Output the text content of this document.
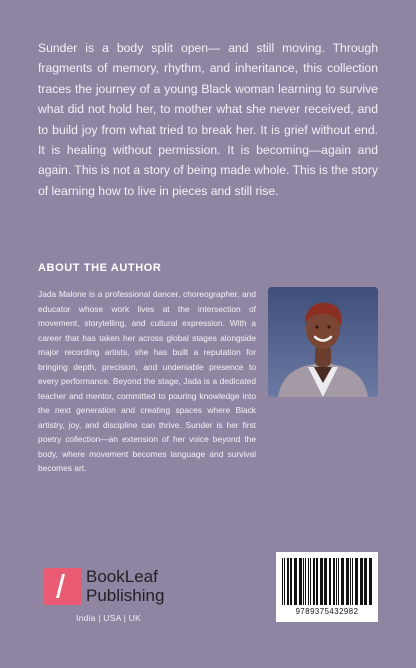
Sunder is a body split open— and still moving. Through fragments of memory, rhythm, and inheritance, this collection traces the journey of a young Black woman learning to survive what did not hold her, to mother what she never received, and to build joy from what tried to break her. It is grief without end. It is healing without permission. It is becoming—again and again. This is not a story of being made whole. This is the story of learning how to live in pieces and still rise.

ABOUT THE AUTHOR

Jada Malone is a professional dancer, choreographer, and educator whose work lives at the intersection of movement, storytelling, and cultural expression. With a career that has taken her across global stages alongside major recording artists, she has built a reputation for bringing depth, precision, and undeniable presence to every performance. Beyond the stage, Jada is a dedicated teacher and mentor, committed to pouring knowledge into the next generation and creating spaces where Black artistry, joy, and discipline can thrive. Sunder is her first poetry collection—an extension of her voice beyond the body, where movement becomes language and survival becomes art.

BookLeaf
Publishing
India | USA | UK
9789375432982
